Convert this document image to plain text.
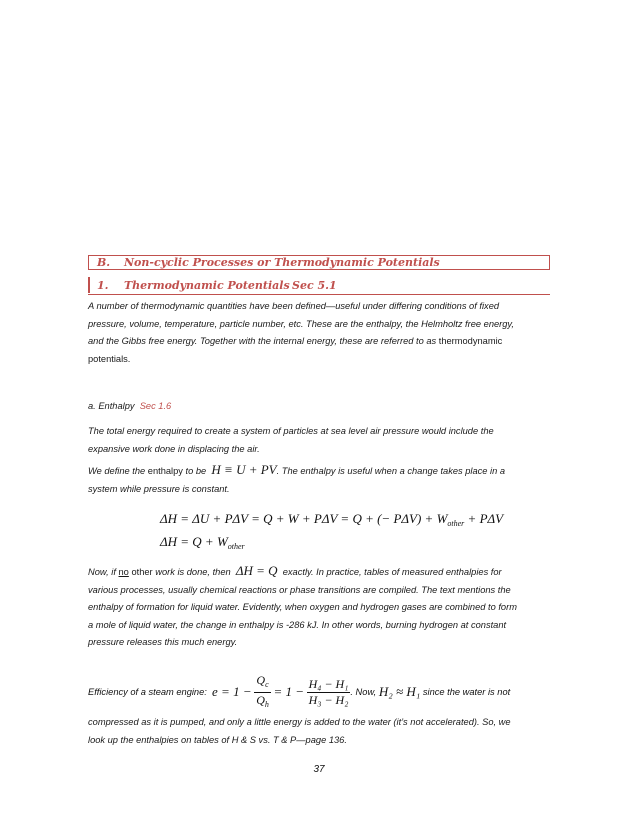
B. Non-cyclic Processes or Thermodynamic Potentials
1. Thermodynamic Potentials Sec 5.1
A number of thermodynamic quantities have been defined—useful under differing conditions of fixed
pressure, volume, temperature, particle number, etc. These are the enthalpy, the Helmholtz free energy,
and the Gibbs free energy. Together with the internal energy, these are referred to as thermodynamic
potentials.
a. Enthalpy Sec 1.6
The total energy required to create a system of particles at sea level air pressure would include the
expansive work done in displacing the air.
We define the enthalpy to be H ≡ U + PV. The enthalpy is useful when a change takes place in a
system while pressure is constant.
ΔH = ΔU + PΔV = Q + W + PΔV = Q + (− $P\Delta V) + W_{other} + P\Delta V$
$\Delta H = Q + W_{other}$
Now, if no other work is done, then ΔH = Q exactly. In practice, tables of measured enthalpies for
various processes, usually chemical reactions or phase transitions are compiled. The text mentions the
enthalpy of formation for liquid water. Evidently, when oxygen and hydrogen gases are combined to form
a mole of liquid water, the change in enthalpy is -286 kJ. In other words, burning hydrogen at constant
pressure releases this much energy.
Efficiency of a steam engine:
e = 1 −
$\frac{Q_c}{Q_h}$
= 1 −
$\frac{\text{H₄ − H₁}}{\text{H₃ − H₂}}$ . Now,
H₂ ≈ H₁
since the water is not
compressed as it is pumped, and only a little energy is added to the water (it’s not accelerated). So, we
look up the enthalpies on tables of H & S vs. T & P—page 136.
37
